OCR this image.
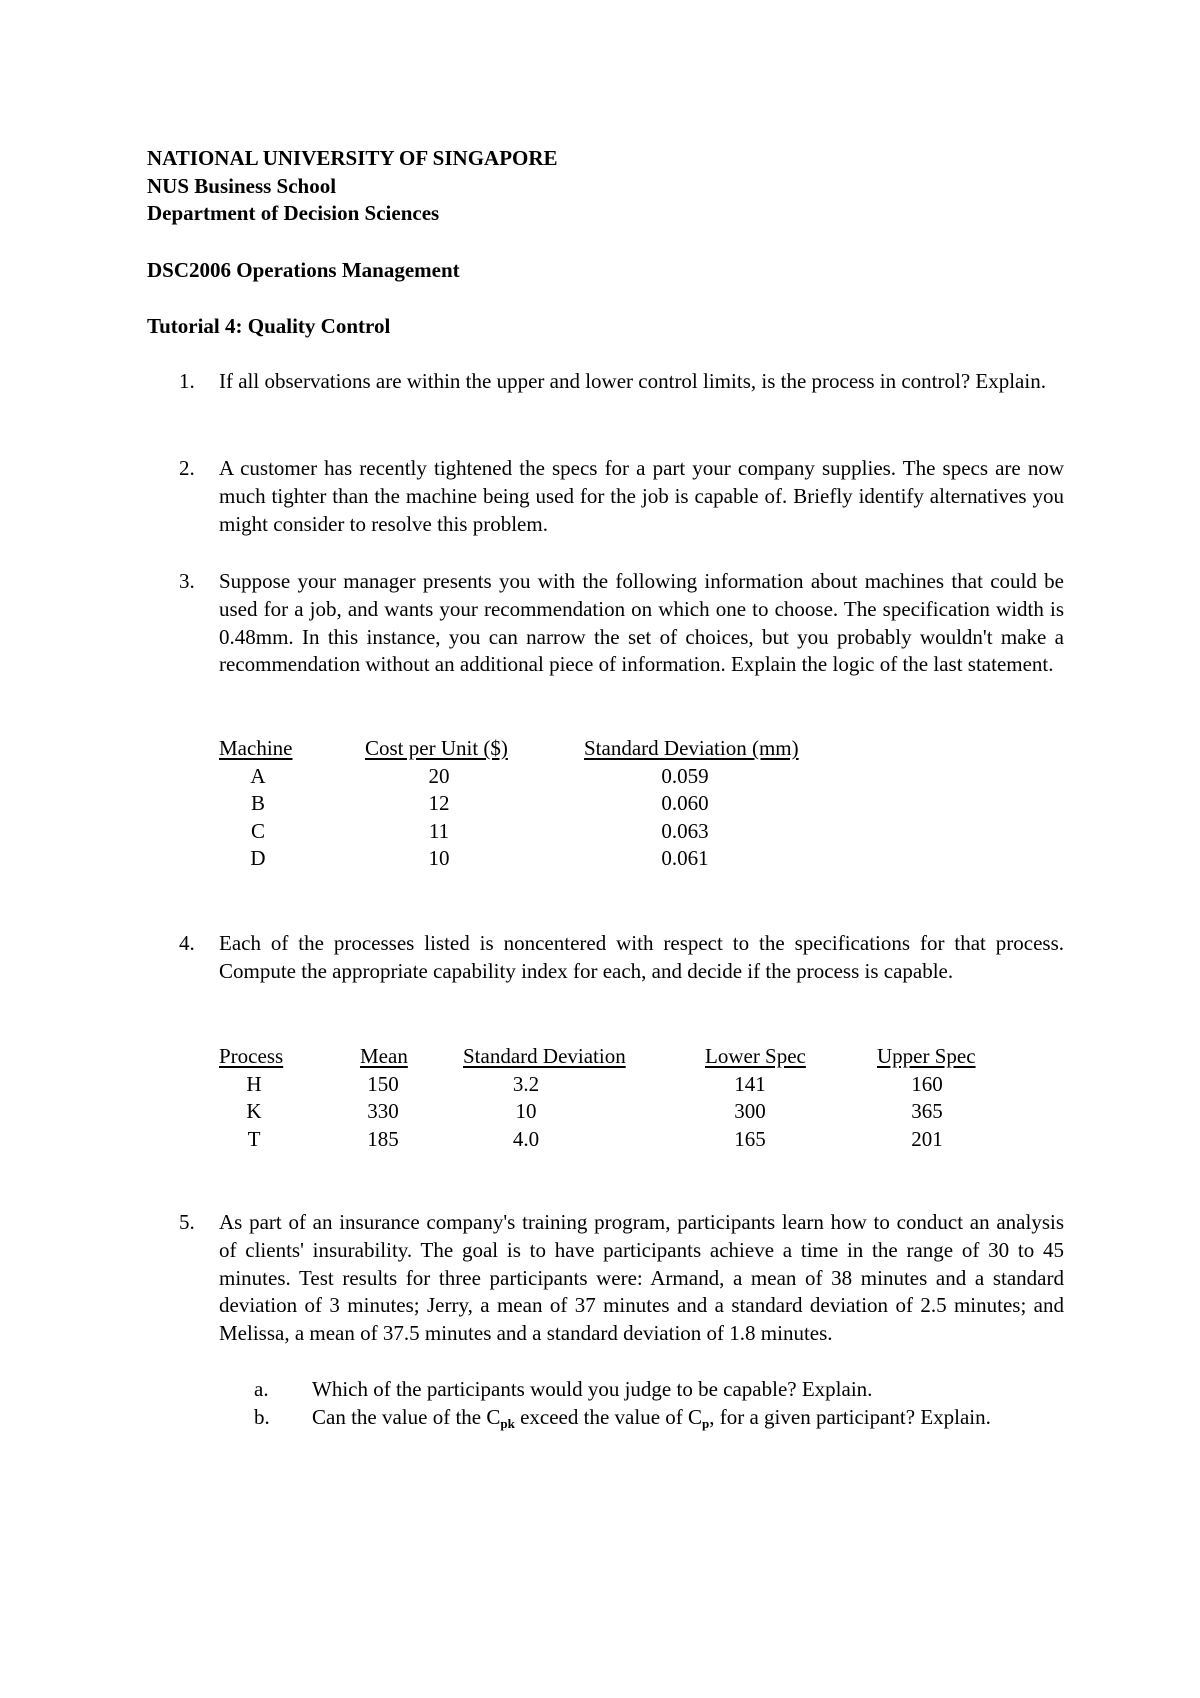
NATIONAL UNIVERSITY OF SINGAPORE
NUS Business School
Department of Decision Sciences
DSC2006 Operations Management
Tutorial 4: Quality Control
1. If all observations are within the upper and lower control limits, is the process in control? Explain.
2. A customer has recently tightened the specs for a part your company supplies. The specs are now much tighter than the machine being used for the job is capable of. Briefly identify alternatives you might consider to resolve this problem.
3. Suppose your manager presents you with the following information about machines that could be used for a job, and wants your recommendation on which one to choose. The specification width is 0.48mm. In this instance, you can narrow the set of choices, but you probably wouldn't make a recommendation without an additional piece of information. Explain the logic of the last statement.
Machine	Cost per Unit ($)	Standard Deviation (mm)
A	20	0.059
B	12	0.060
C	11	0.063
D	10	0.061
4. Each of the processes listed is noncentered with respect to the specifications for that process. Compute the appropriate capability index for each, and decide if the process is capable.
Process	Mean	Standard Deviation	Lower Spec	Upper Spec
H	150	3.2	141	160
K	330	10	300	365
T	185	4.0	165	201
5. As part of an insurance company's training program, participants learn how to conduct an analysis of clients' insurability. The goal is to have participants achieve a time in the range of 30 to 45 minutes. Test results for three participants were: Armand, a mean of 38 minutes and a standard deviation of 3 minutes; Jerry, a mean of 37 minutes and a standard deviation of 2.5 minutes; and Melissa, a mean of 37.5 minutes and a standard deviation of 1.8 minutes.
a. Which of the participants would you judge to be capable? Explain.
b. Can the value of the $C_{pk}$ exceed the value of $C_p$, for a given participant? Explain.
